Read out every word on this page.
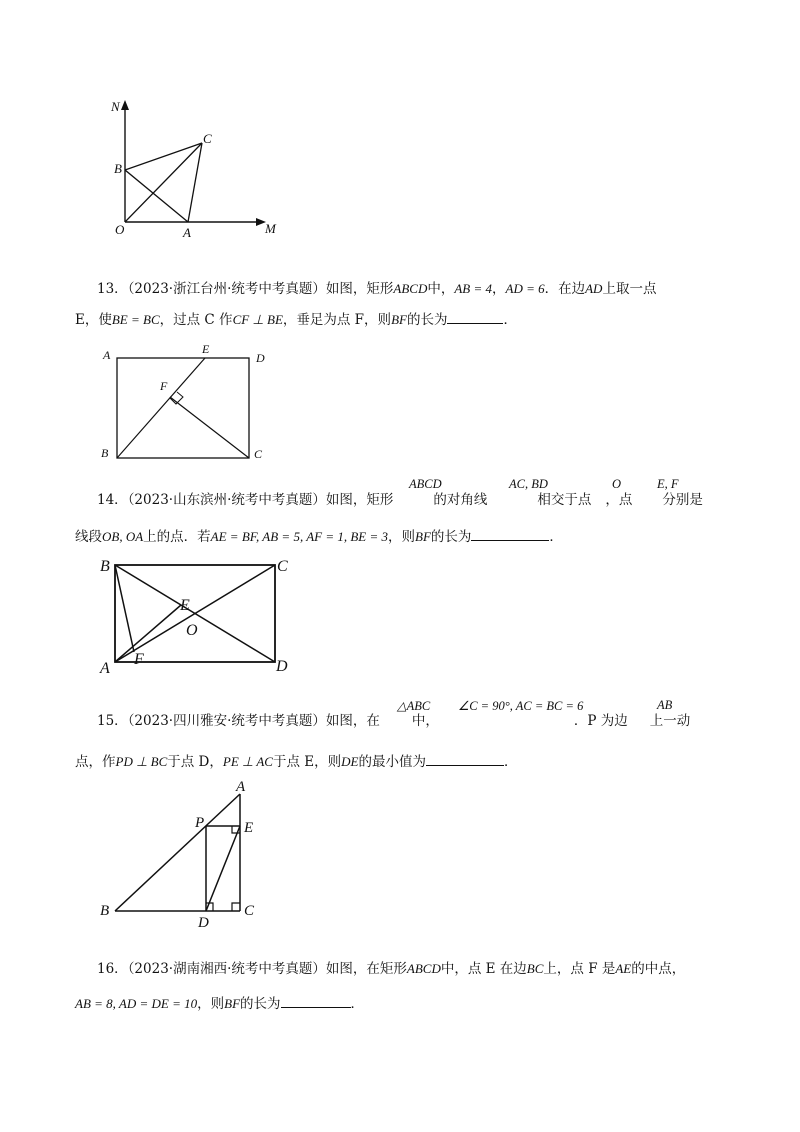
N
M
O	A
B
C
13．（2023·浙江台州·统考中考真题）如图，矩形ABCD中，AB = 4，AD = 6．在边AD上取一点
E，使BE = BC，过点 C 作CF ⊥ BE，垂足为点 F，则BF的长为	．
A	E
D
F
B	C
ABCD	AC, BD	O	E, F
14．（2023·山东滨州·统考中考真题）如图，矩形	的对角线	相交于点 ，点 分别是
线段OB, OA上的点．若AE = BF, AB = 5, AF = 1, BE = 3，则BF的长为	．
B	C
E
O
A
F	D
△ABC ∠C = 90°, AC = BC = 6	AB
15．（2023·四川雅安·统考中考真题）如图，在 中，	．P 为边 上一动
点，作PD ⊥ BC于点 D，PE ⊥ AC于点 E，则DE的最小值为	．
A
P	E
B
D
C
16．（2023·湖南湘西·统考中考真题）如图，在矩形ABCD中，点 E 在边BC上，点 F 是AE的中点，
AB = 8, AD = DE = 10，则BF的长为	．
